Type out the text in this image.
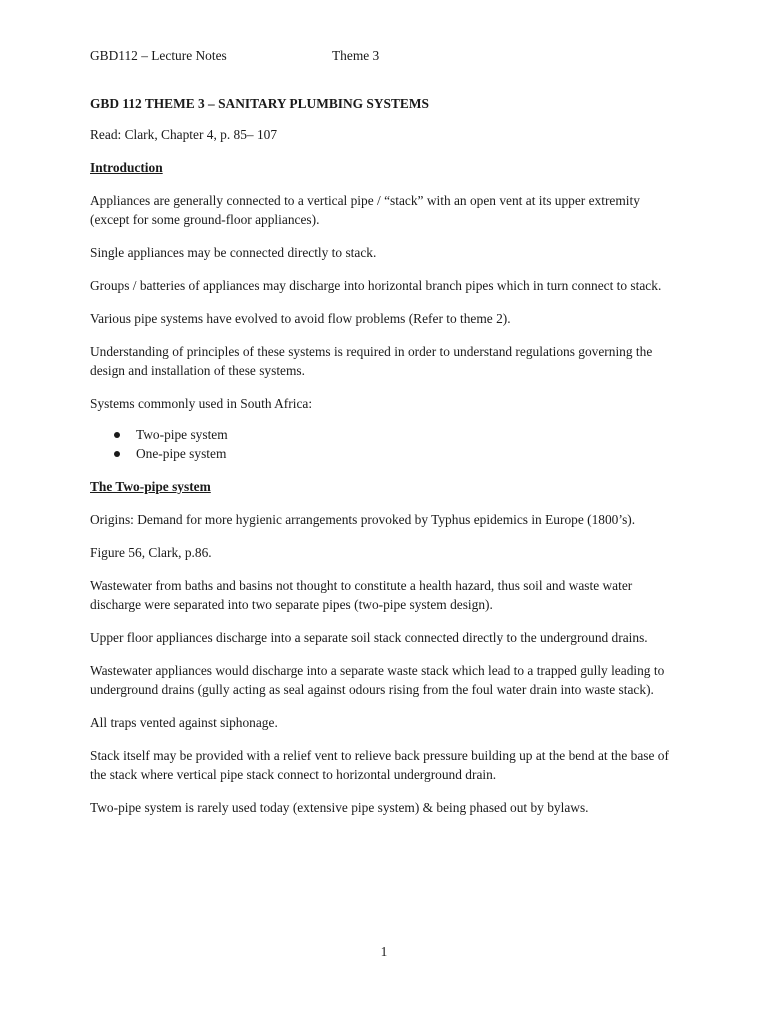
GBD112 – Lecture Notes	Theme 3

GBD 112 THEME 3 – SANITARY PLUMBING SYSTEMS

Read: Clark, Chapter 4, p. 85– 107

Introduction

Appliances are generally connected to a vertical pipe / “stack” with an open vent at its upper extremity (except for some ground-floor appliances).

Single appliances may be connected directly to stack.

Groups / batteries of appliances may discharge into horizontal branch pipes which in turn connect to stack.

Various pipe systems have evolved to avoid flow problems (Refer to theme 2).

Understanding of principles of these systems is required in order to understand regulations governing the design and installation of these systems.

Systems commonly used in South Africa:

Two-pipe system
One-pipe system

The Two-pipe system

Origins: Demand for more hygienic arrangements provoked by Typhus epidemics in Europe (1800’s).

Figure 56, Clark, p.86.

Wastewater from baths and basins not thought to constitute a health hazard, thus soil and waste water discharge were separated into two separate pipes (two-pipe system design).

Upper floor appliances discharge into a separate soil stack connected directly to the underground drains.

Wastewater appliances would discharge into a separate waste stack which lead to a trapped gully leading to underground drains (gully acting as seal against odours rising from the foul water drain into waste stack).

All traps vented against siphonage.

Stack itself may be provided with a relief vent to relieve back pressure building up at the bend at the base of the stack where vertical pipe stack connect to horizontal underground drain.

Two-pipe system is rarely used today (extensive pipe system) & being phased out by bylaws.

1
